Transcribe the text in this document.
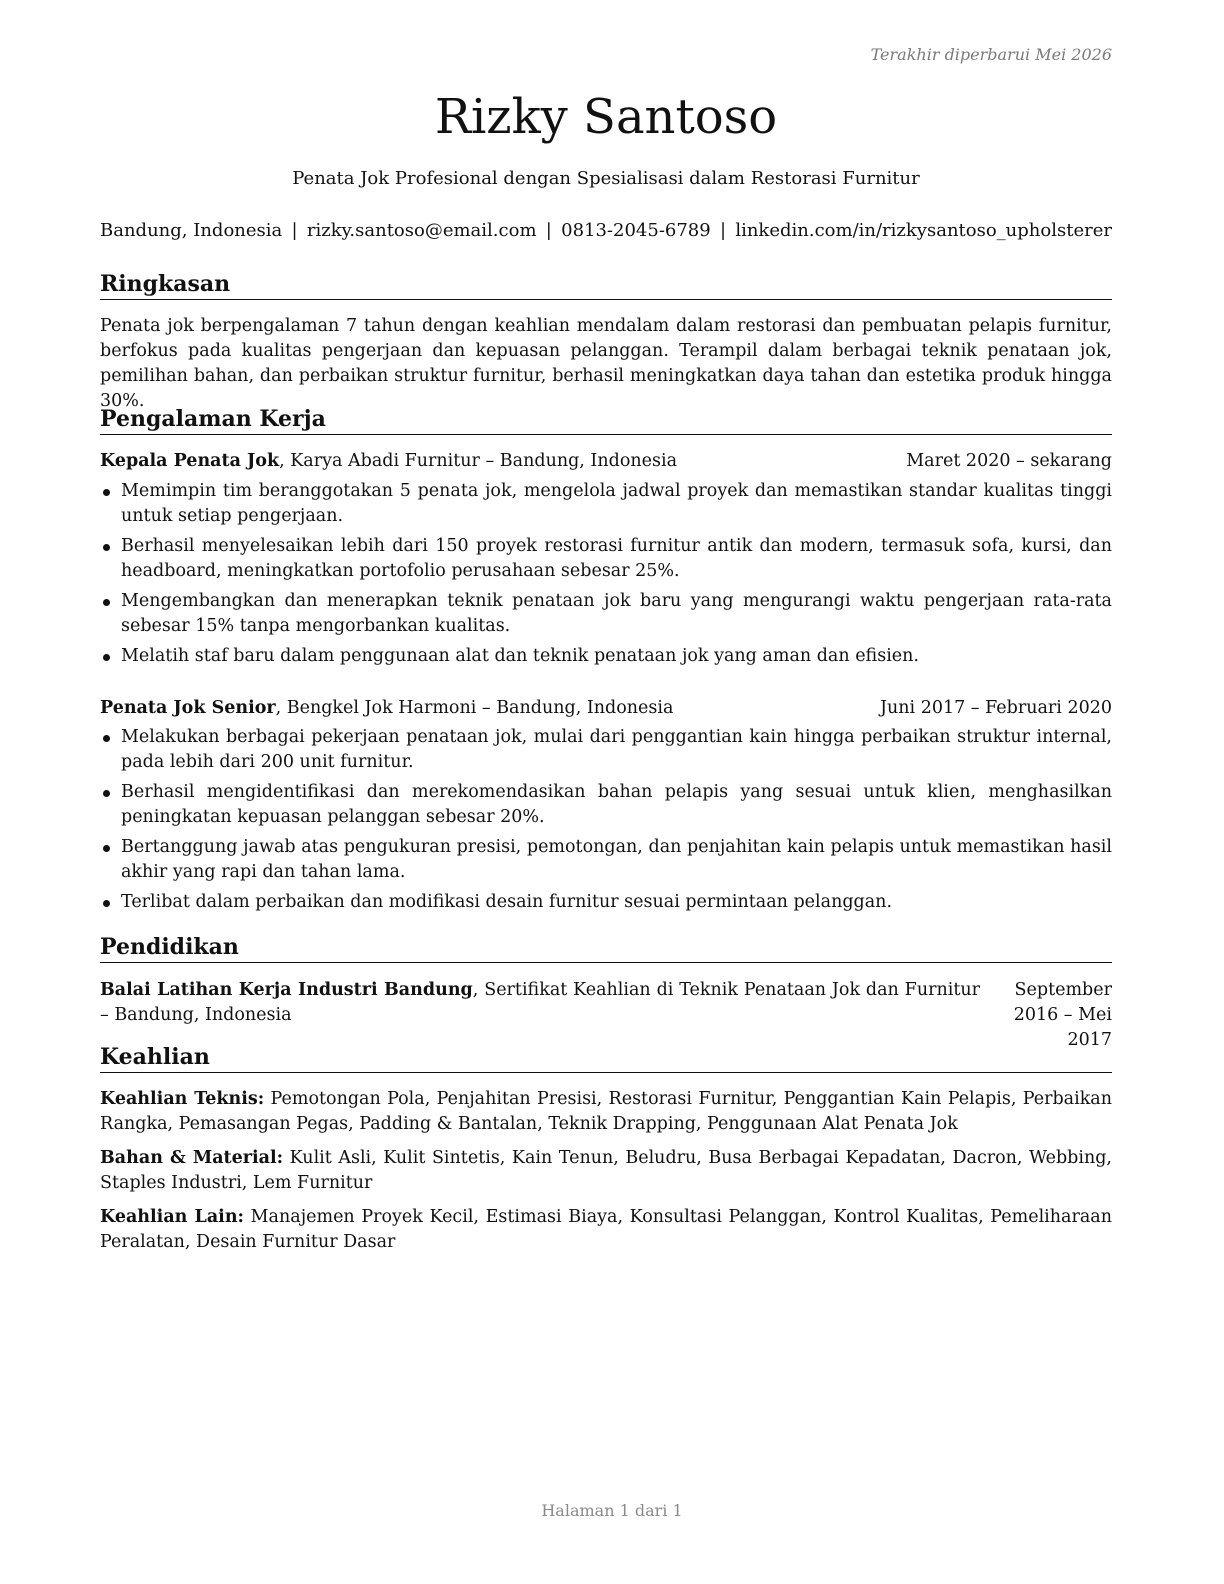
Terakhir diperbarui Mei 2026
Rizky Santoso
Penata Jok Profesional dengan Spesialisasi dalam Restorasi Furnitur
Bandung, Indonesia | rizky.santoso@email.com | 0813-2045-6789 | linkedin.com/in/rizkysantoso_upholsterer
Ringkasan
Penata jok berpengalaman 7 tahun dengan keahlian mendalam dalam restorasi dan pembuatan pelapis furnitur, berfokus pada kualitas pengerjaan dan kepuasan pelanggan. Terampil dalam berbagai teknik penataan jok, pemilihan bahan, dan perbaikan struktur furnitur, berhasil meningkatkan daya tahan dan estetika produk hingga 30%.
Pengalaman Kerja
Kepala Penata Jok, Karya Abadi Furnitur – Bandung, Indonesia	Maret 2020 – sekarang
Memimpin tim beranggotakan 5 penata jok, mengelola jadwal proyek dan memastikan standar kualitas tinggi untuk setiap pengerjaan.
Berhasil menyelesaikan lebih dari 150 proyek restorasi furnitur antik dan modern, termasuk sofa, kursi, dan headboard, meningkatkan portofolio perusahaan sebesar 25%.
Mengembangkan dan menerapkan teknik penataan jok baru yang mengurangi waktu pengerjaan rata-rata sebesar 15% tanpa mengorbankan kualitas.
Melatih staf baru dalam penggunaan alat dan teknik penataan jok yang aman dan efisien.
Penata Jok Senior, Bengkel Jok Harmoni – Bandung, Indonesia	Juni 2017 – Februari 2020
Melakukan berbagai pekerjaan penataan jok, mulai dari penggantian kain hingga perbaikan struktur internal, pada lebih dari 200 unit furnitur.
Berhasil mengidentifikasi dan merekomendasikan bahan pelapis yang sesuai untuk klien, menghasilkan peningkatan kepuasan pelanggan sebesar 20%.
Bertanggung jawab atas pengukuran presisi, pemotongan, dan penjahitan kain pelapis untuk memastikan hasil akhir yang rapi dan tahan lama.
Terlibat dalam perbaikan dan modifikasi desain furnitur sesuai permintaan pelanggan.
Pendidikan
Balai Latihan Kerja Industri Bandung, Sertifikat Keahlian di Teknik Penataan Jok dan Furnitur – Bandung, Indonesia
September 2016 – Mei 2017
Keahlian
Keahlian Teknis: Pemotongan Pola, Penjahitan Presisi, Restorasi Furnitur, Penggantian Kain Pelapis, Perbaikan Rangka, Pemasangan Pegas, Padding & Bantalan, Teknik Drapping, Penggunaan Alat Penata Jok
Bahan & Material: Kulit Asli, Kulit Sintetis, Kain Tenun, Beludru, Busa Berbagai Kepadatan, Dacron, Webbing, Staples Industri, Lem Furnitur
Keahlian Lain: Manajemen Proyek Kecil, Estimasi Biaya, Konsultasi Pelanggan, Kontrol Kualitas, Pemeliharaan Peralatan, Desain Furnitur Dasar
Halaman 1 dari 1
